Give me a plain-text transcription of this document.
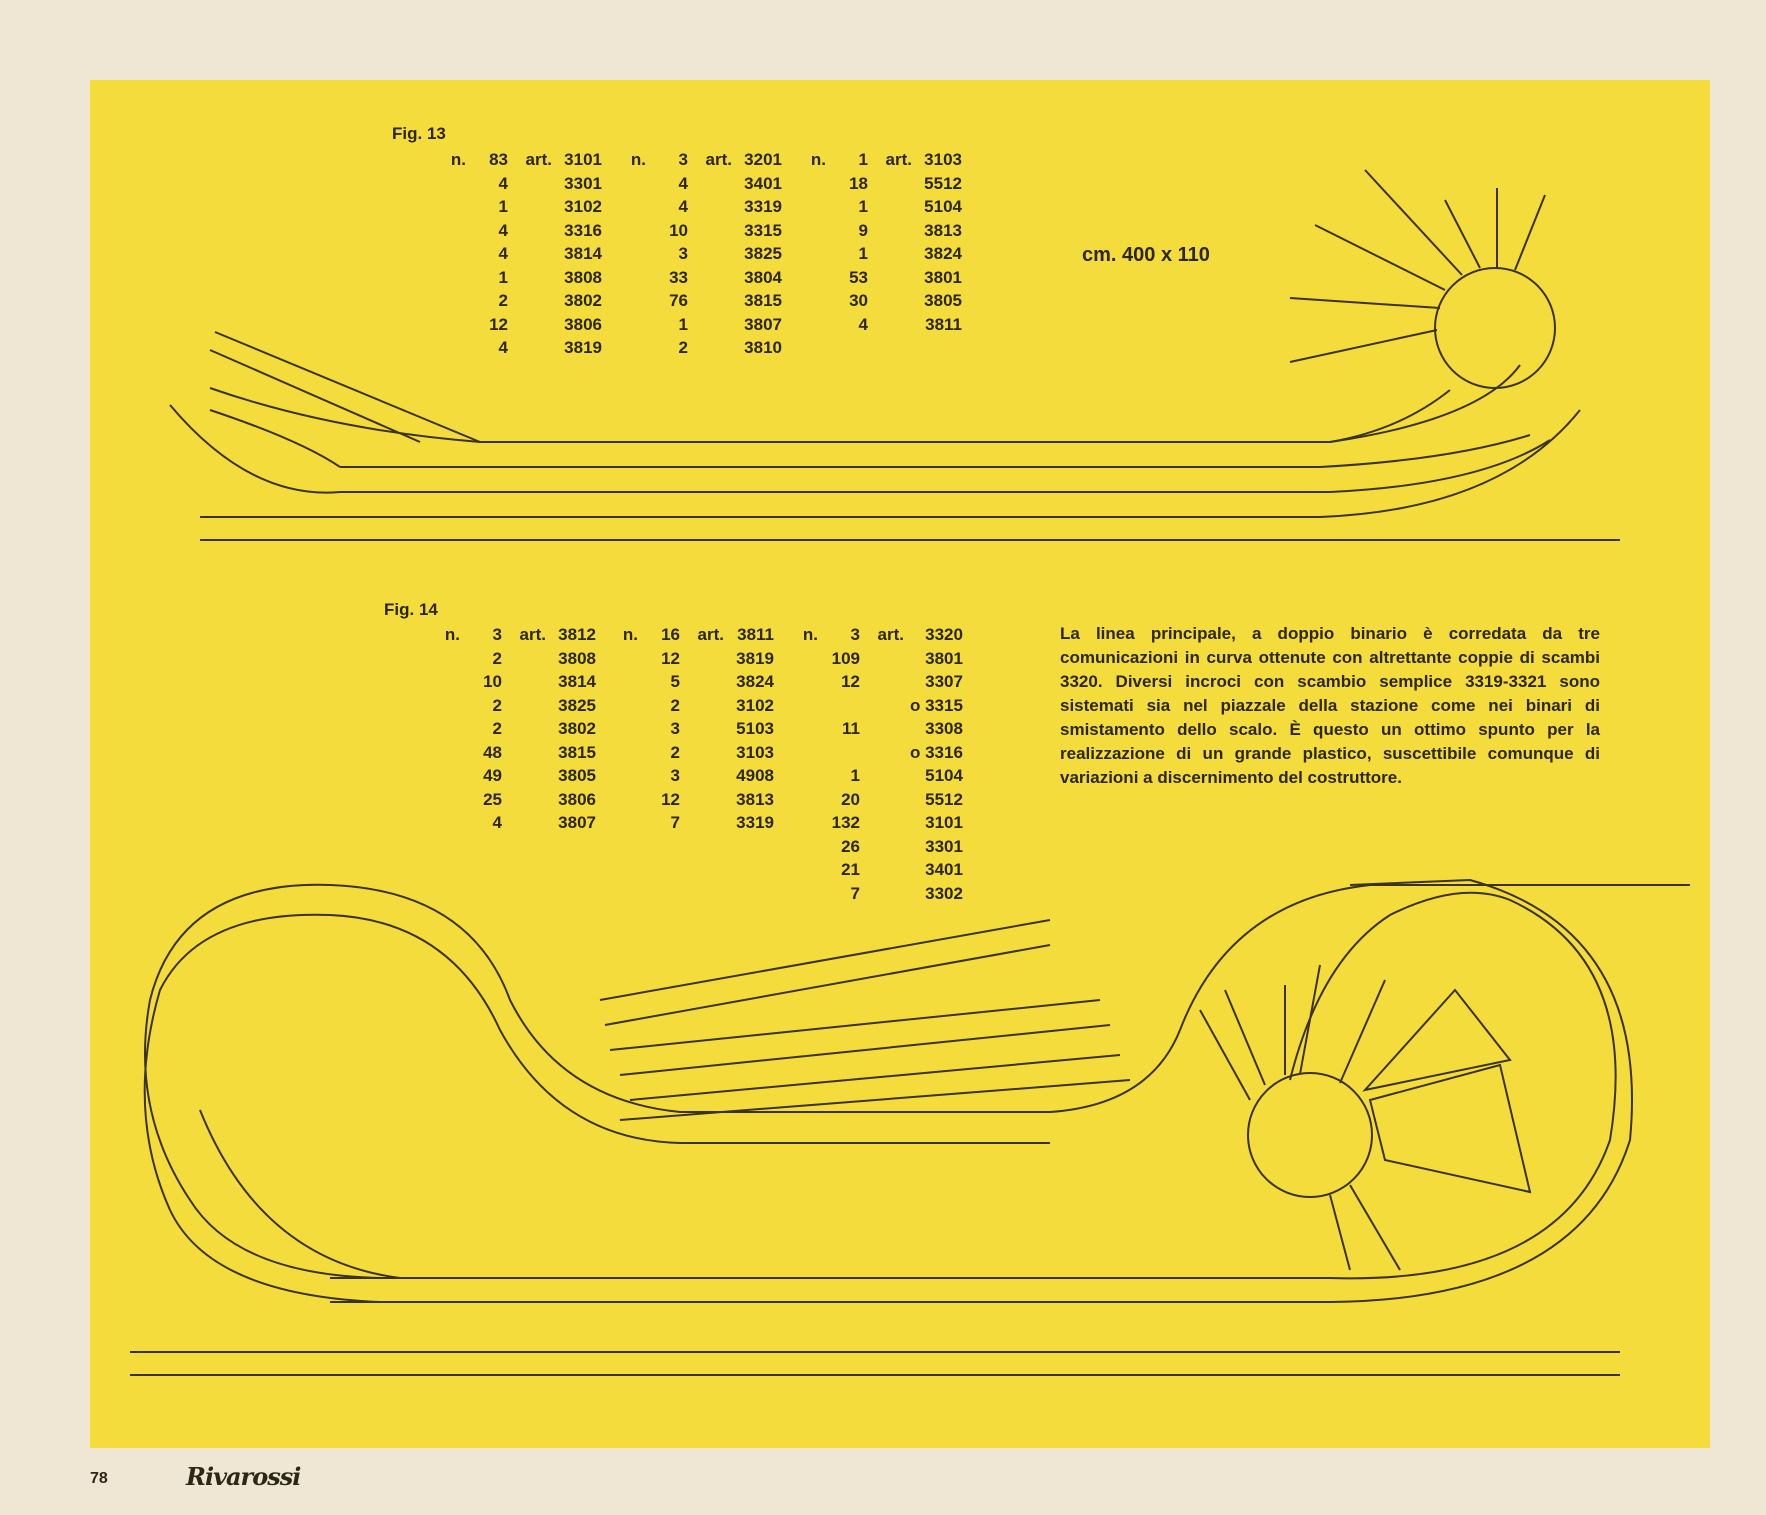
Fig. 13
n.	83	art.	3101
	4		3301
	1		3102
	4		3316
	4		3814
	1		3808
	2		3802
	12		3806
	4		3819
n.	3	art.	3201
	4		3401
	4		3319
	10		3315
	3		3825
	33		3804
	76		3815
	1		3807
	2		3810
n.	1	art.	3103
	18		5512
	1		5104
	9		3813
	1		3824
	53		3801
	30		3805
	4		3811
cm. 400 x 110
Fig. 14
n.	3	art.	3812
	2		3808
	10		3814
	2		3825
	2		3802
	48		3815
	49		3805
	25		3806
	4		3807
n.	16	art.	3811
	12		3819
	5		3824
	2		3102
	3		5103
	2		3103
	3		4908
	12		3813
	7		3319
n.	3	art.	3320
	109		3801
	12		3307
			o 3315
	11		3308
			o 3316
	1		5104
	20		5512
	132		3101
	26		3301
	21		3401
	7		3302
La linea principale, a doppio binario è corredata da tre comunicazioni in curva ottenute con altrettante coppie di scambi 3320. Diversi incroci con scambio semplice 3319-3321 sono sistemati sia nel piazzale della stazione come nei binari di smistamento dello scalo. È questo un ottimo spunto per la realizzazione di un grande plastico, suscettibile comunque di variazioni a discernimento del costruttore.
78	Rivarossi
